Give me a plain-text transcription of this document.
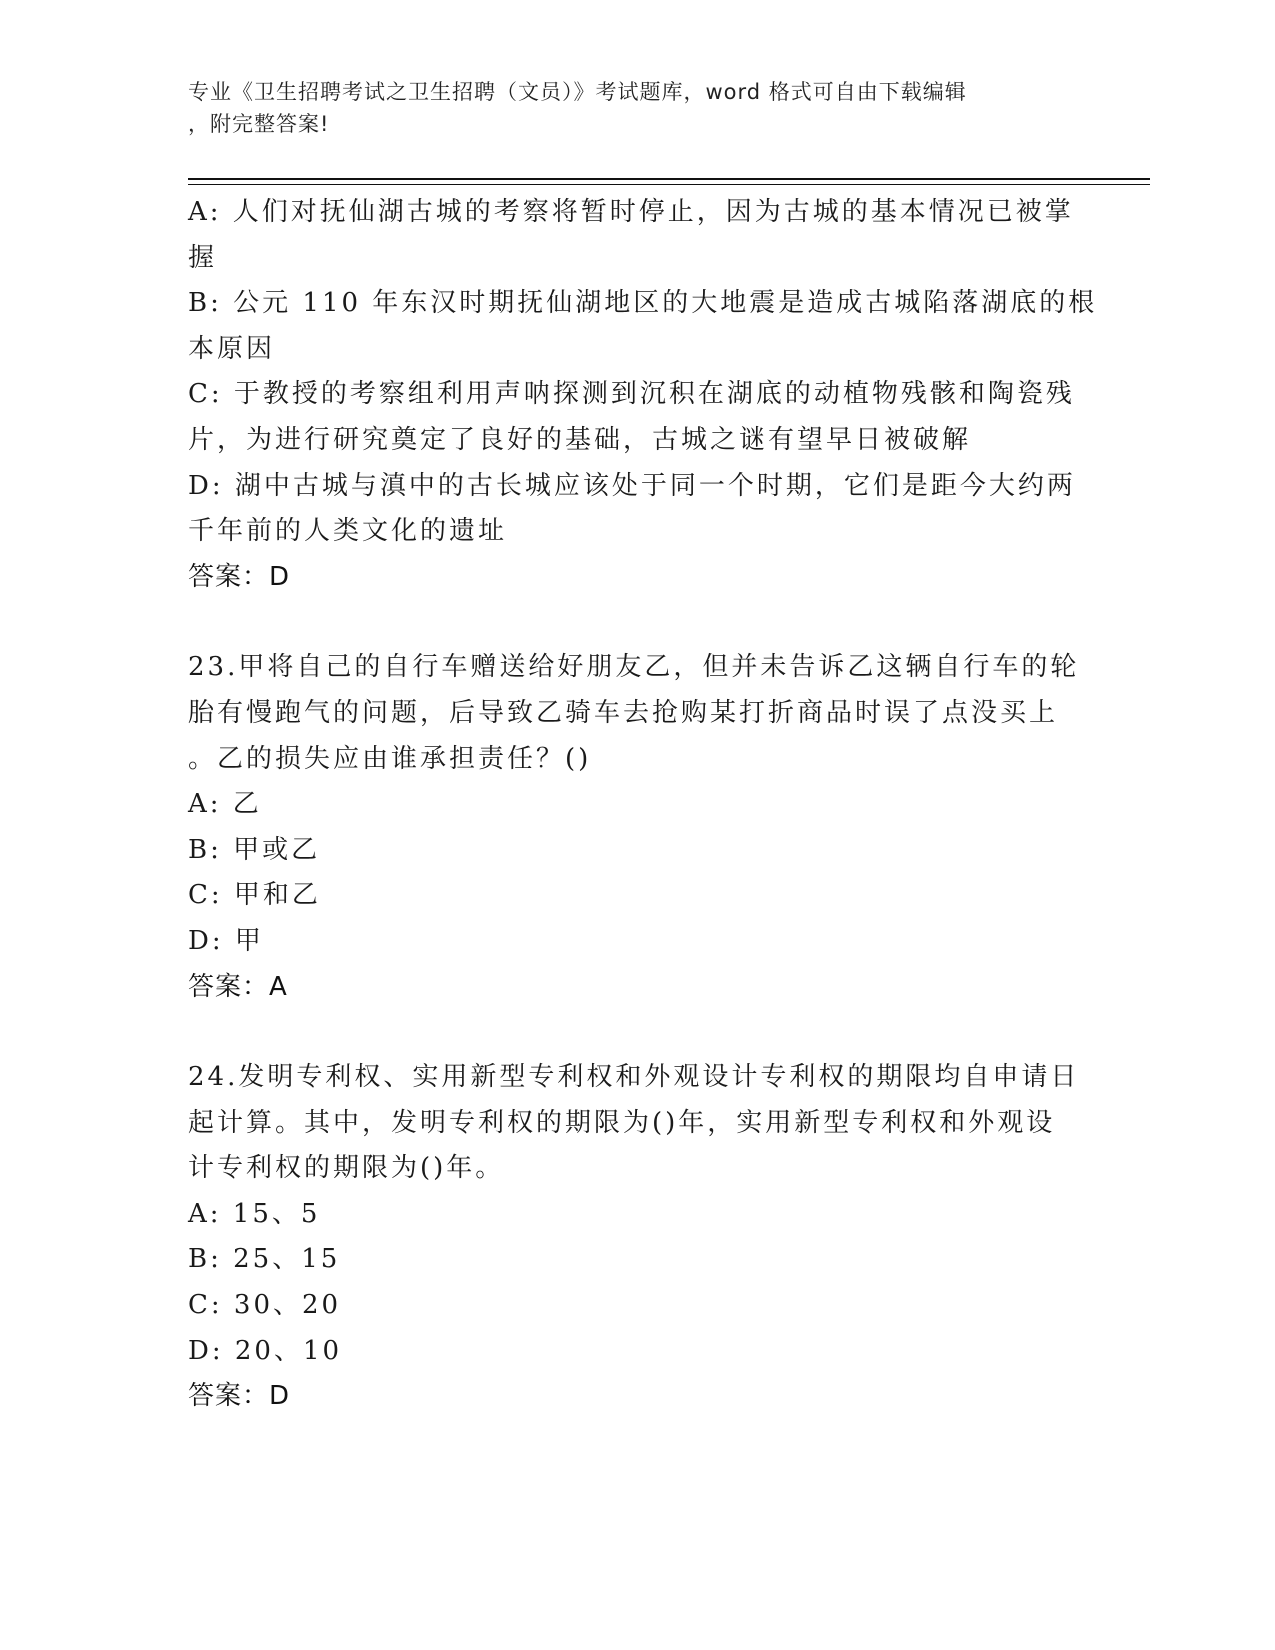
专业《卫生招聘考试之卫生招聘（文员）》考试题库，word 格式可自由下载编辑
，附完整答案!
A: 人们对抚仙湖古城的考察将暂时停止，因为古城的基本情况已被掌
握
B: 公元 110 年东汉时期抚仙湖地区的大地震是造成古城陷落湖底的根
本原因
C: 于教授的考察组利用声呐探测到沉积在湖底的动植物残骸和陶瓷残
片，为进行研究奠定了良好的基础，古城之谜有望早日被破解
D: 湖中古城与滇中的古长城应该处于同一个时期，它们是距今大约两
千年前的人类文化的遗址
答案：D
23.甲将自己的自行车赠送给好朋友乙，但并未告诉乙这辆自行车的轮
胎有慢跑气的问题，后导致乙骑车去抢购某打折商品时误了点没买上
。乙的损失应由谁承担责任？()
A: 乙
B: 甲或乙
C: 甲和乙
D: 甲
答案：A
24.发明专利权、实用新型专利权和外观设计专利权的期限均自申请日
起计算。其中，发明专利权的期限为()年，实用新型专利权和外观设
计专利权的期限为()年。
A: 15、5
B: 25、15
C: 30、20
D: 20、10
答案：D
